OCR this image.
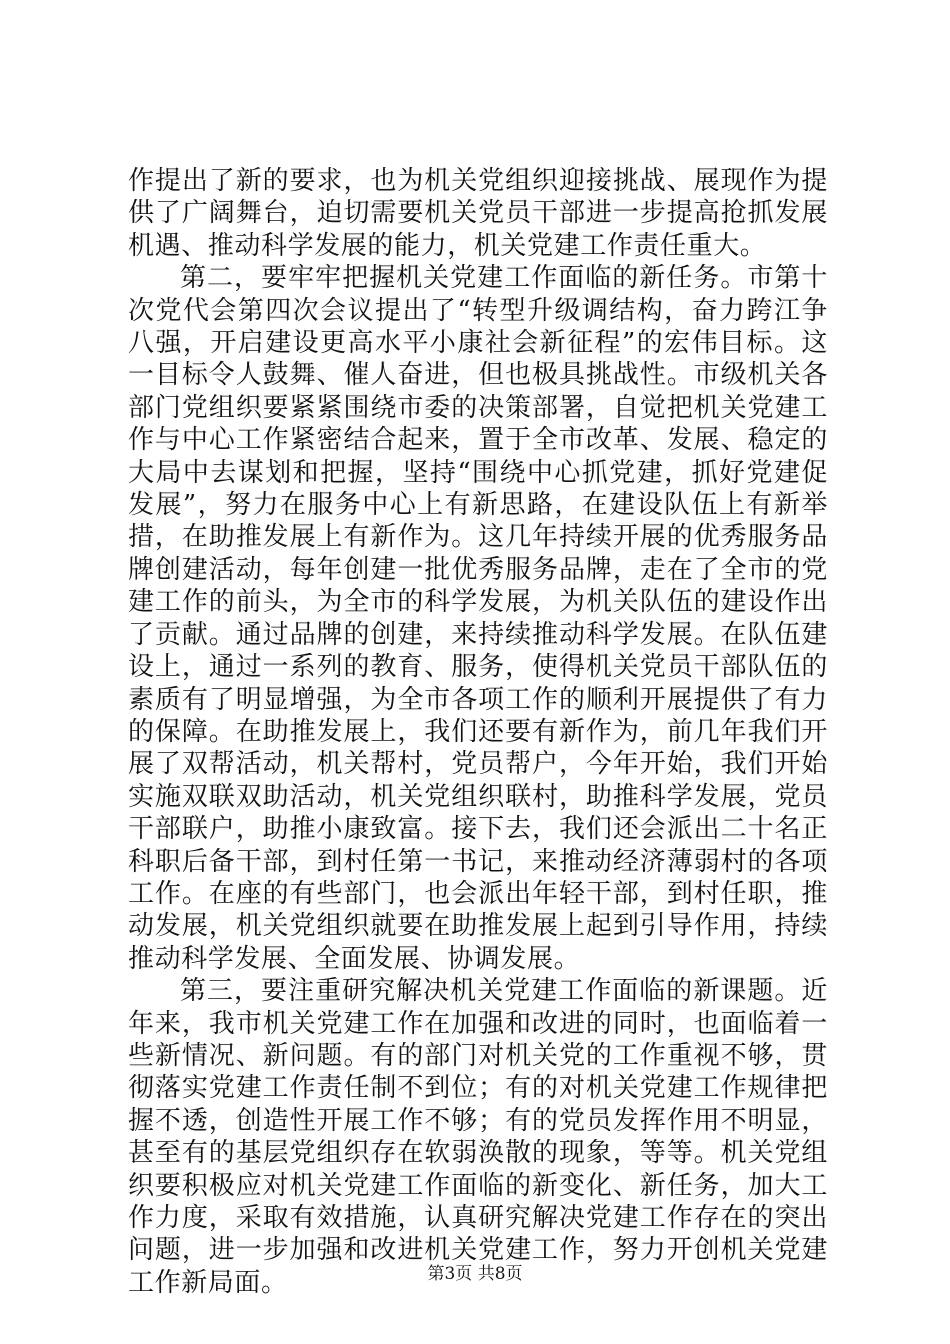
作提出了新的要求，也为机关党组织迎接挑战、展现作为提供了广阔舞台，迫切需要机关党员干部进一步提高抢抓发展机遇、推动科学发展的能力，机关党建工作责任重大。

第二，要牢牢把握机关党建工作面临的新任务。市第十次党代会第四次会议提出了“转型升级调结构，奋力跨江争八强，开启建设更高水平小康社会新征程”的宏伟目标。这一目标令人鼓舞、催人奋进，但也极具挑战性。市级机关各部门党组织要紧紧围绕市委的决策部署，自觉把机关党建工作与中心工作紧密结合起来，置于全市改革、发展、稳定的大局中去谋划和把握，坚持“围绕中心抓党建，抓好党建促发展”，努力在服务中心上有新思路，在建设队伍上有新举措，在助推发展上有新作为。这几年持续开展的优秀服务品牌创建活动，每年创建一批优秀服务品牌，走在了全市的党建工作的前头，为全市的科学发展，为机关队伍的建设作出了贡献。通过品牌的创建，来持续推动科学发展。在队伍建设上，通过一系列的教育、服务，使得机关党员干部队伍的素质有了明显增强，为全市各项工作的顺利开展提供了有力的保障。在助推发展上，我们还要有新作为，前几年我们开展了双帮活动，机关帮村，党员帮户，今年开始，我们开始实施双联双助活动，机关党组织联村，助推科学发展，党员干部联户，助推小康致富。接下去，我们还会派出二十名正科职后备干部，到村任第一书记，来推动经济薄弱村的各项工作。在座的有些部门，也会派出年轻干部，到村任职，推动发展，机关党组织就要在助推发展上起到引导作用，持续推动科学发展、全面发展、协调发展。

第三，要注重研究解决机关党建工作面临的新课题。近年来，我市机关党建工作在加强和改进的同时，也面临着一些新情况、新问题。有的部门对机关党的工作重视不够，贯彻落实党建工作责任制不到位；有的对机关党建工作规律把握不透，创造性开展工作不够；有的党员发挥作用不明显，甚至有的基层党组织存在软弱涣散的现象，等等。机关党组织要积极应对机关党建工作面临的新变化、新任务，加大工作力度，采取有效措施，认真研究解决党建工作存在的突出问题，进一步加强和改进机关党建工作，努力开创机关党建工作新局面。	第3页 共8页
